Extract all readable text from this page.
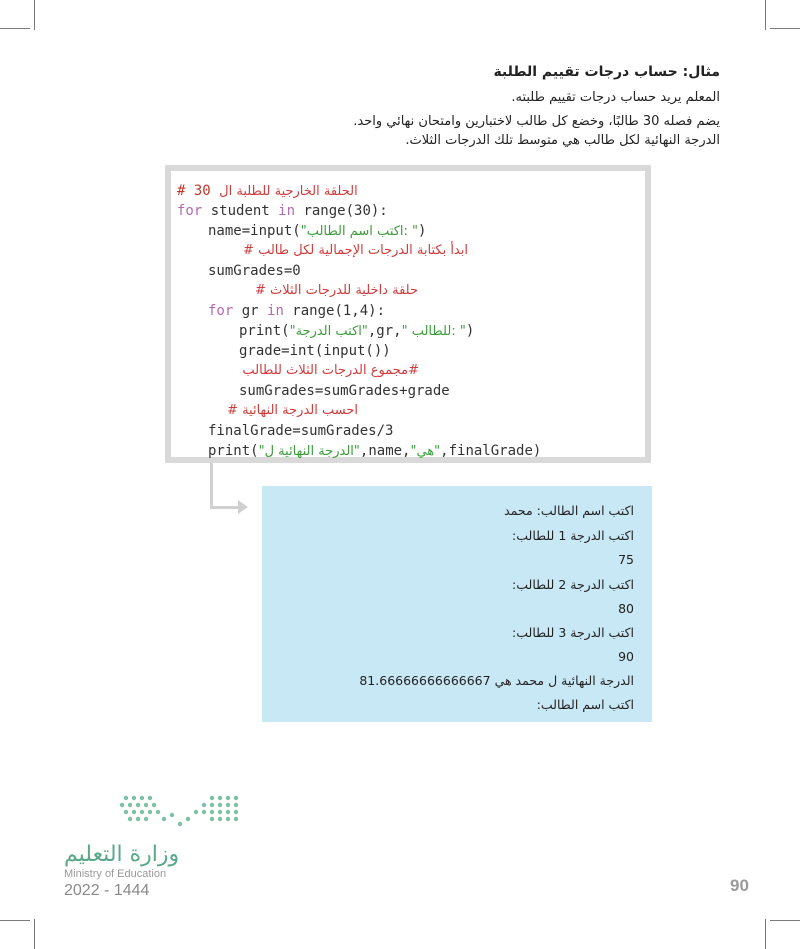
مثال: حساب درجات تقييم الطلبة
المعلم يريد حساب درجات تقييم طلبته.
يضم فصله 30 طالبًا، وخضع كل طالب لاختبارين وامتحان نهائي واحد.
الدرجة النهائية لكل طالب هي متوسط تلك الدرجات الثلاث.
# 30 الحلقة الخارجية للطلبة ال
for student in range(30):
name=input("اكتب اسم الطالب: ")
ابدأ بكتابة الدرجات الإجمالية لكل طالب #
sumGrades=0
حلقة داخلية للدرجات الثلاث #
for gr in range(1,4):
print("اكتب الدرجة",gr," للطالب: ")
grade=int(input())
#مجموع الدرجات الثلاث للطالب
sumGrades=sumGrades+grade
احسب الدرجة النهائية #
finalGrade=sumGrades/3
print("الدرجة النهائية ل",name,"هي",finalGrade)
اكتب اسم الطالب: محمد
اكتب الدرجة 1 للطالب:
75
اكتب الدرجة 2 للطالب:
80
اكتب الدرجة 3 للطالب:
90
الدرجة النهائية ل محمد هي 81.66666666666667
اكتب اسم الطالب:
وزارة التعليم
Ministry of Education
2022 - 1444	90
